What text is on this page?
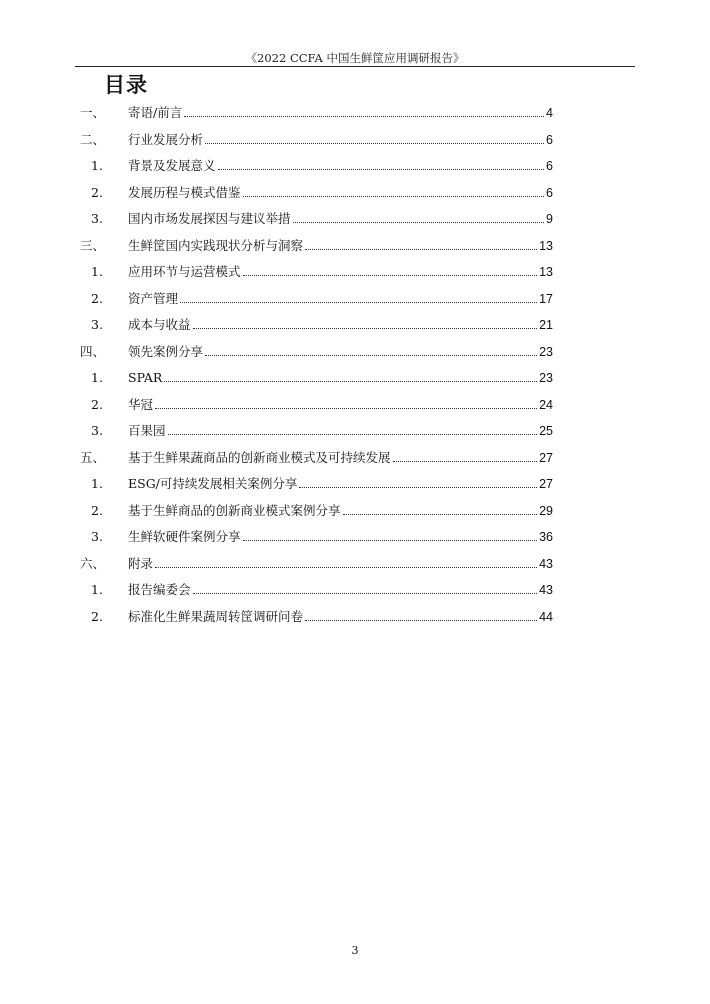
《2022 CCFA 中国生鲜筐应用调研报告》
目录
一、 寄语/前言	4
二、 行业发展分析	6
1. 背景及发展意义	6
2. 发展历程与模式借鉴	6
3. 国内市场发展探因与建议举措	9
三、 生鲜筐国内实践现状分析与洞察	13
1. 应用环节与运营模式	13
2. 资产管理	17
3. 成本与收益	21
四、 领先案例分享	23
1. SPAR	23
2. 华冠	24
3. 百果园	25
五、 基于生鲜果蔬商品的创新商业模式及可持续发展	27
1. ESG/可持续发展相关案例分享	27
2. 基于生鲜商品的创新商业模式案例分享	29
3. 生鲜软硬件案例分享	36
六、 附录	43
1. 报告编委会	43
2. 标准化生鲜果蔬周转筐调研问卷	44
3
